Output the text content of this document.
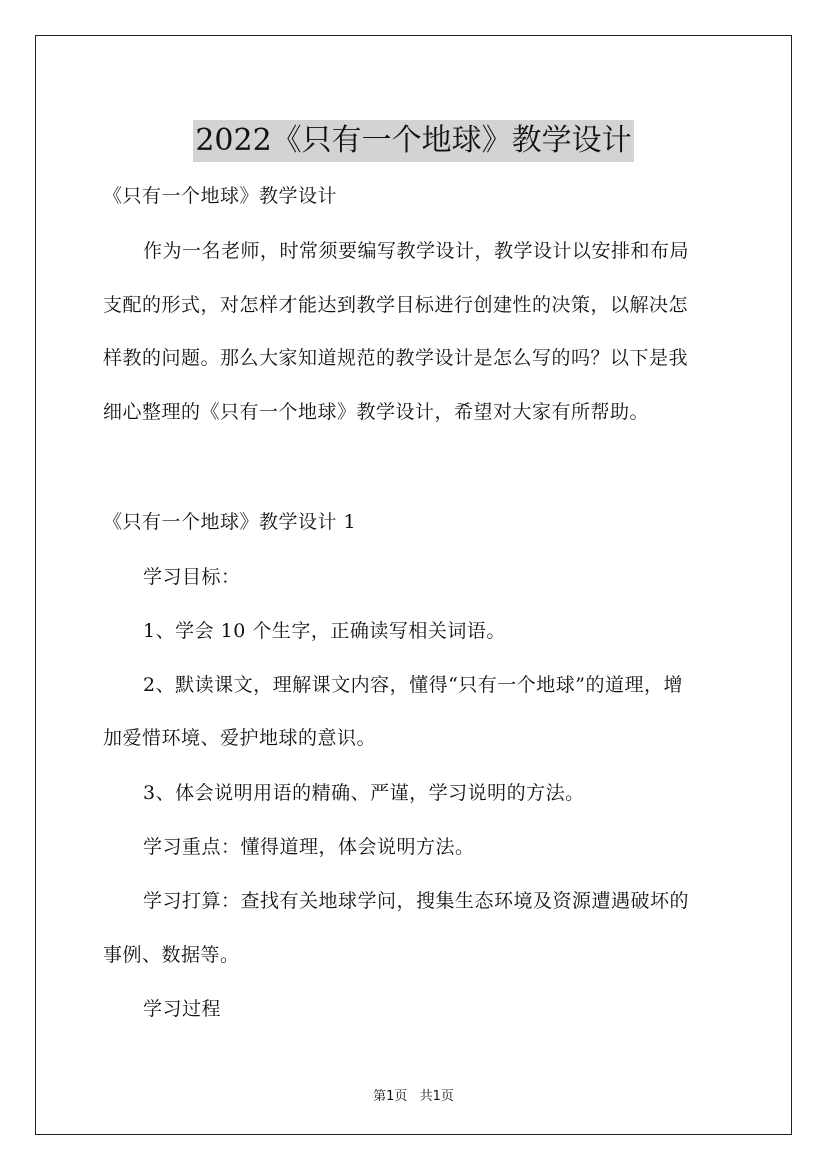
2022《只有一个地球》教学设计
《只有一个地球》教学设计
作为一名老师，时常须要编写教学设计，教学设计以安排和布局
支配的形式，对怎样才能达到教学目标进行创建性的决策，以解决怎
样教的问题。那么大家知道规范的教学设计是怎么写的吗？以下是我
细心整理的《只有一个地球》教学设计，希望对大家有所帮助。
《只有一个地球》教学设计 1
学习目标：
1、学会 10 个生字，正确读写相关词语。
2、默读课文，理解课文内容，懂得“只有一个地球”的道理，增
加爱惜环境、爱护地球的意识。
3、体会说明用语的精确、严谨，学习说明的方法。
学习重点：懂得道理，体会说明方法。
学习打算：查找有关地球学问，搜集生态环境及资源遭遇破坏的
事例、数据等。
学习过程
第1页 共1页
